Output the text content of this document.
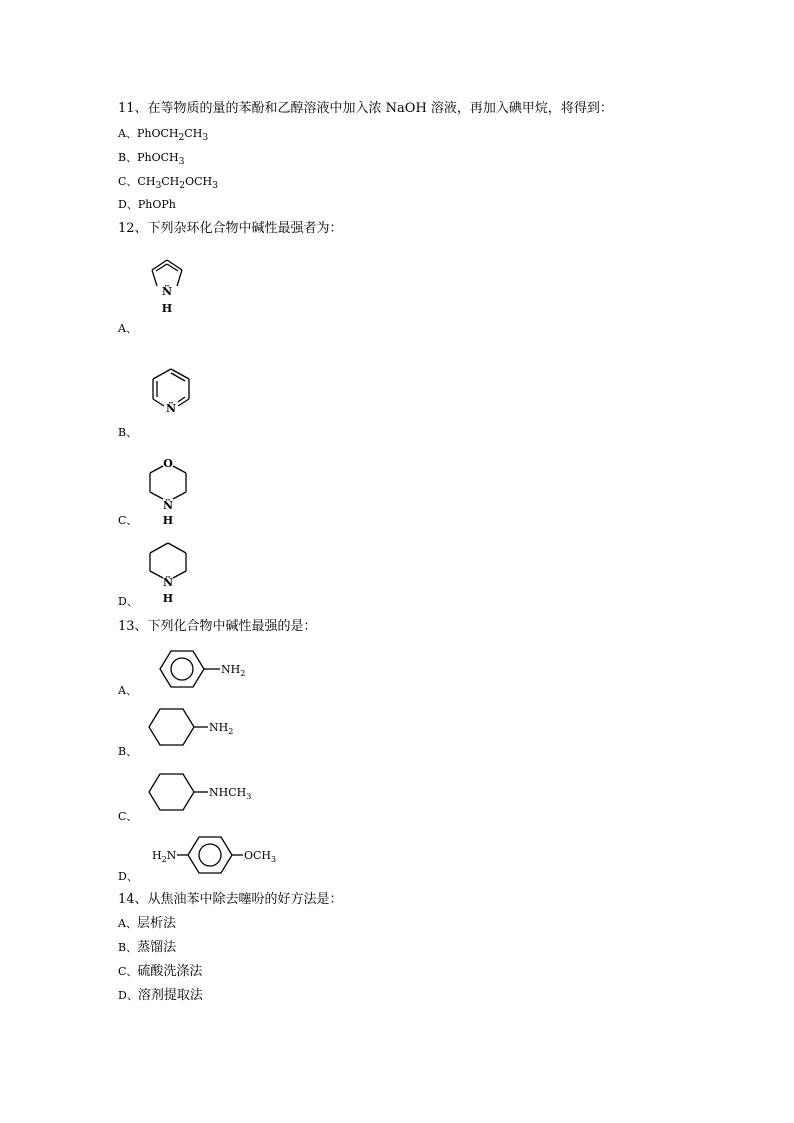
11、在等物质的量的苯酚和乙醇溶液中加入浓 NaOH 溶液，再加入碘甲烷，将得到：
A、$PhOCH_2CH_3$
B、PhOCH$_3$
C、$CH_3CH_2OCH_3$
D、PhOPh
12、下列杂环化合物中碱性最强者为：
N̈
H
A、
N̈
B、
O
N̈
H
C、
N̈
H
D、
13、下列化合物中碱性最强的是：
$NH_2$
A、
$NH_2$
B、
$NHCH_3$
C、
$H_2N$	$OCH_3$
D、
14、从焦油苯中除去噻吩的好方法是：
A、层析法
B、蒸馏法
C、硫酸洗涤法
D、溶剂提取法
